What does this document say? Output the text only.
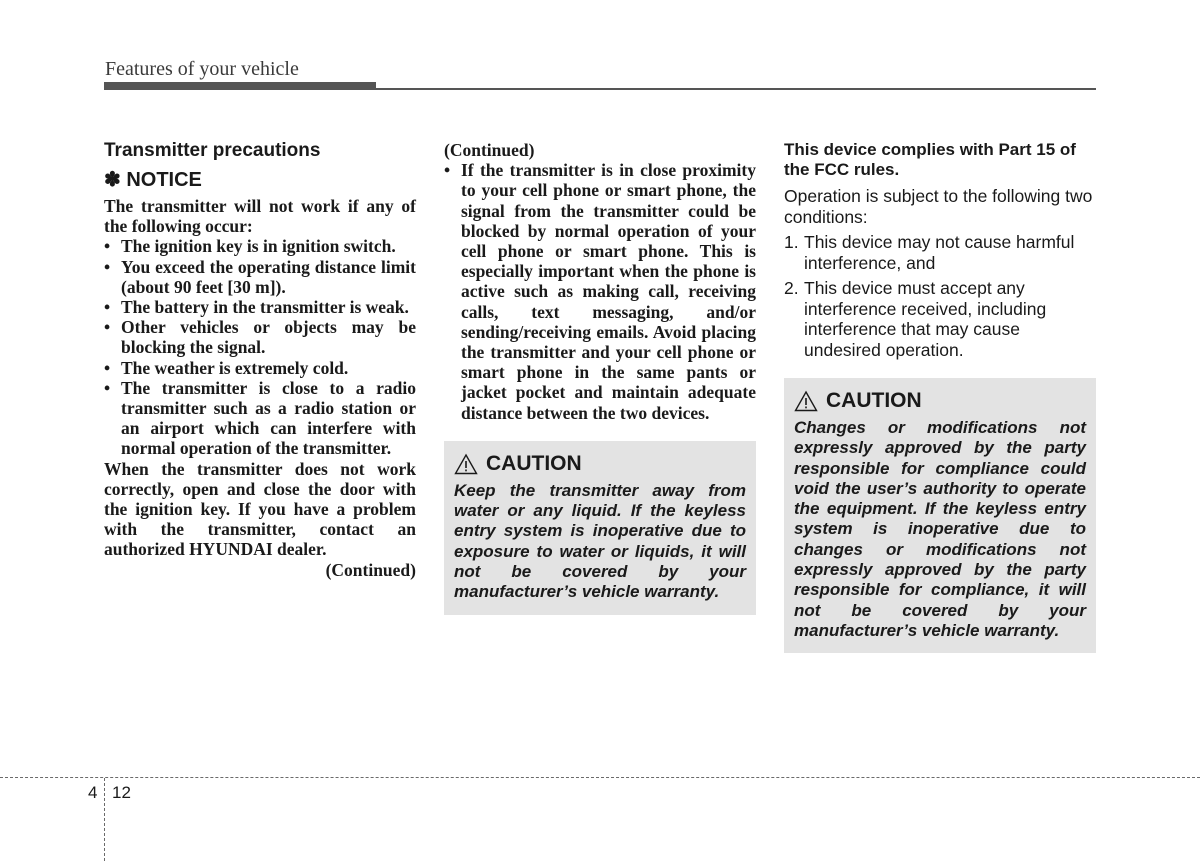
Features of your vehicle
Transmitter precautions
✽ NOTICE

The transmitter will not work if any of the following occur:

• The ignition key is in ignition switch.
• You exceed the operating distance limit (about 90 feet [30 m]).
• The battery in the transmitter is weak.
• Other vehicles or objects may be blocking the signal.
• The weather is extremely cold.
• The transmitter is close to a radio transmitter such as a radio station or an airport which can interfere with normal operation of the transmitter.

When the transmitter does not work correctly, open and close the door with the ignition key. If you have a problem with the transmitter, contact an authorized HYUNDAI dealer.

(Continued)

(Continued)

• If the transmitter is in close proximity to your cell phone or smart phone, the signal from the transmitter could be blocked by normal operation of your cell phone or smart phone. This is especially important when the phone is active such as making call, receiving calls, text messaging, and/or sending/receiving emails. Avoid placing the transmitter and your cell phone or smart phone in the same pants or jacket pocket and maintain adequate distance between the two devices.
CAUTION

Keep the transmitter away from water or any liquid. If the keyless entry system is inoperative due to exposure to water or liquids, it will not be covered by your manufacturer’s vehicle warranty.

This device complies with Part 15 of the FCC rules.

Operation is subject to the following two conditions:

1. This device may not cause harmful interference, and
2. This device must accept any interference received, including interference that may cause undesired operation.
CAUTION

Changes or modifications not expressly approved by the party responsible for compliance could void the user’s authority to operate the equipment. If the keyless entry system is inoperative due to changes or modifications not expressly approved by the party responsible for compliance, it will not be covered by your manufacturer’s vehicle warranty.

4 12
